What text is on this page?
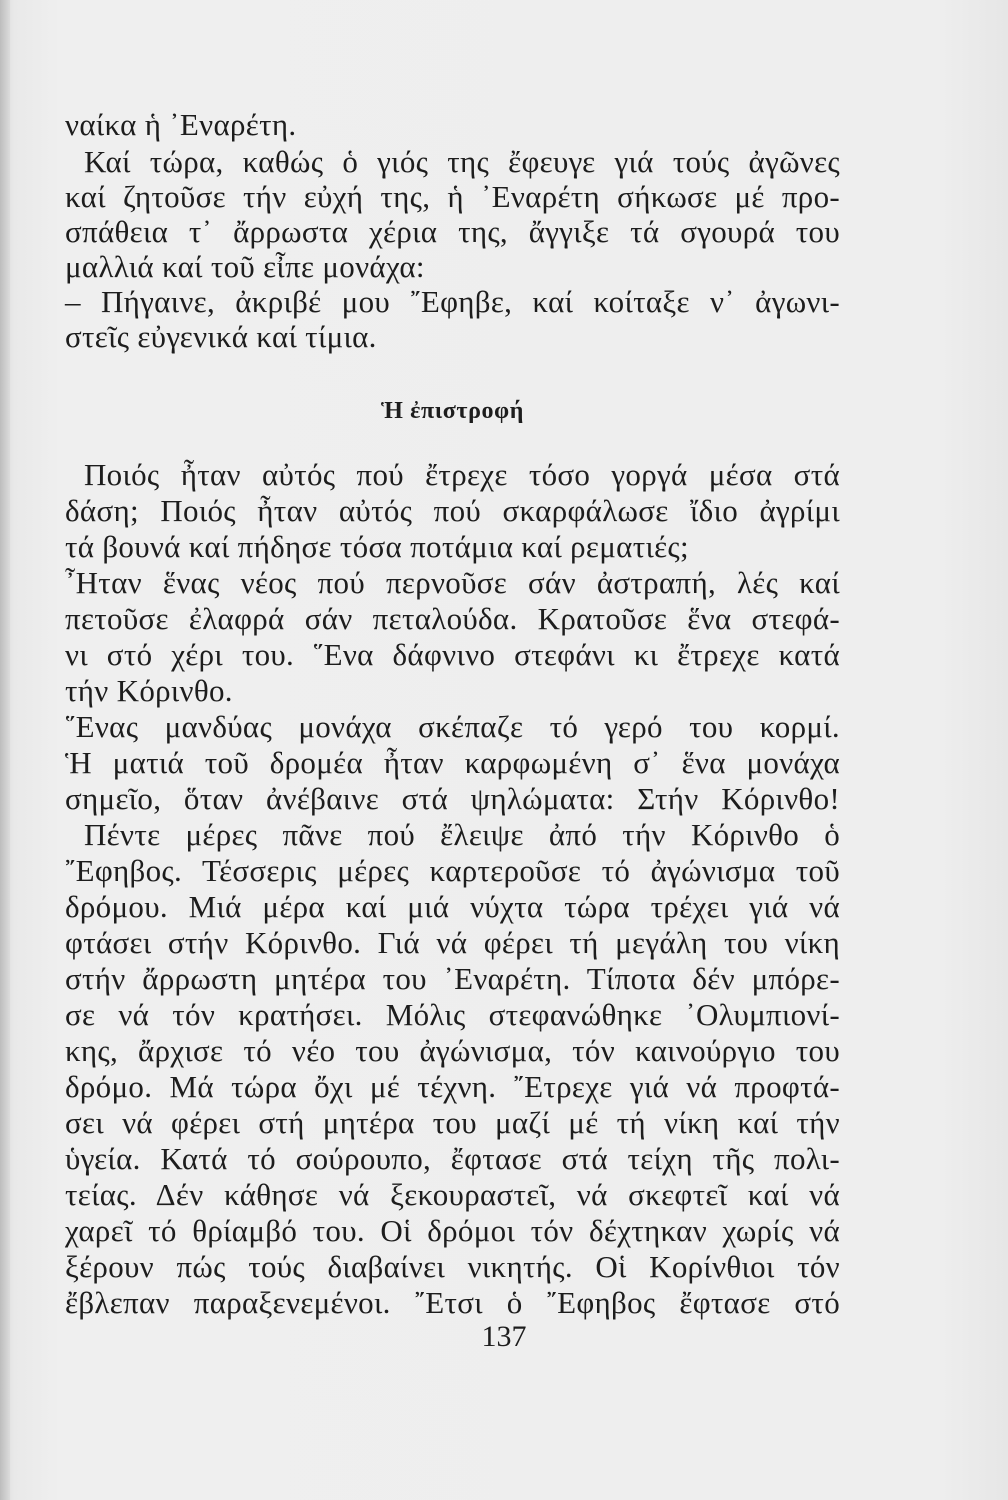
ναίκα ἡ ᾿Εναρέτη.
Καί τώρα, καθώς ὁ γιός της ἔφευγε γιά τούς ἀγῶνες
καί ζητοῦσε τήν εὐχή της, ἡ ᾿Εναρέτη σήκωσε μέ προ-
σπάθεια τ᾿ ἄρρωστα χέρια της, ἄγγιξε τά σγουρά του
μαλλιά καί τοῦ εἶπε μονάχα:
– Πήγαινε, ἀκριβέ μου ῎Εφηβε, καί κοίταξε ν᾿ ἀγωνι-
στεῖς εὐγενικά καί τίμια.
Ἡ ἐπιστροφή
Ποιός ἦταν αὐτός πού ἔτρεχε τόσο γοργά μέσα στά
δάση; Ποιός ἦταν αὐτός πού σκαρφάλωσε ἴδιο ἀγρίμι
τά βουνά καί πήδησε τόσα ποτάμια καί ρεματιές;
῏Ηταν ἕνας νέος πού περνοῦσε σάν ἀστραπή, λές καί
πετοῦσε ἐλαφρά σάν πεταλούδα. Κρατοῦσε ἕνα στεφά-
νι στό χέρι του. ῞Ενα δάφνινο στεφάνι κι ἔτρεχε κατά
τήν Κόρινθο.
῞Ενας μανδύας μονάχα σκέπαζε τό γερό του κορμί.
Ἡ ματιά τοῦ δρομέα ἦταν καρφωμένη σ᾿ ἕνα μονάχα
σημεῖο, ὅταν ἀνέβαινε στά ψηλώματα: Στήν Κόρινθο!
Πέντε μέρες πᾶνε πού ἔλειψε ἀπό τήν Κόρινθο ὁ
῎Εφηβος. Τέσσερις μέρες καρτεροῦσε τό ἀγώνισμα τοῦ
δρόμου. Μιά μέρα καί μιά νύχτα τώρα τρέχει γιά νά
φτάσει στήν Κόρινθο. Γιά νά φέρει τή μεγάλη του νίκη
στήν ἄρρωστη μητέρα του ᾿Εναρέτη. Τίποτα δέν μπόρε-
σε νά τόν κρατήσει. Μόλις στεφανώθηκε ᾿Ολυμπιονί-
κης, ἄρχισε τό νέο του ἀγώνισμα, τόν καινούργιο του
δρόμο. Μά τώρα ὄχι μέ τέχνη. ῎Ετρεχε γιά νά προφτά-
σει νά φέρει στή μητέρα του μαζί μέ τή νίκη καί τήν
ὑγεία. Κατά τό σούρουπο, ἔφτασε στά τείχη τῆς πολι-
τείας. Δέν κάθησε νά ξεκουραστεῖ, νά σκεφτεῖ καί νά
χαρεῖ τό θρίαμβό του. Οἱ δρόμοι τόν δέχτηκαν χωρίς νά
ξέρουν πώς τούς διαβαίνει νικητής. Οἱ Κορίνθιοι τόν
ἔβλεπαν παραξενεμένοι. ῎Ετσι ὁ ῎Εφηβος ἔφτασε στό
137
